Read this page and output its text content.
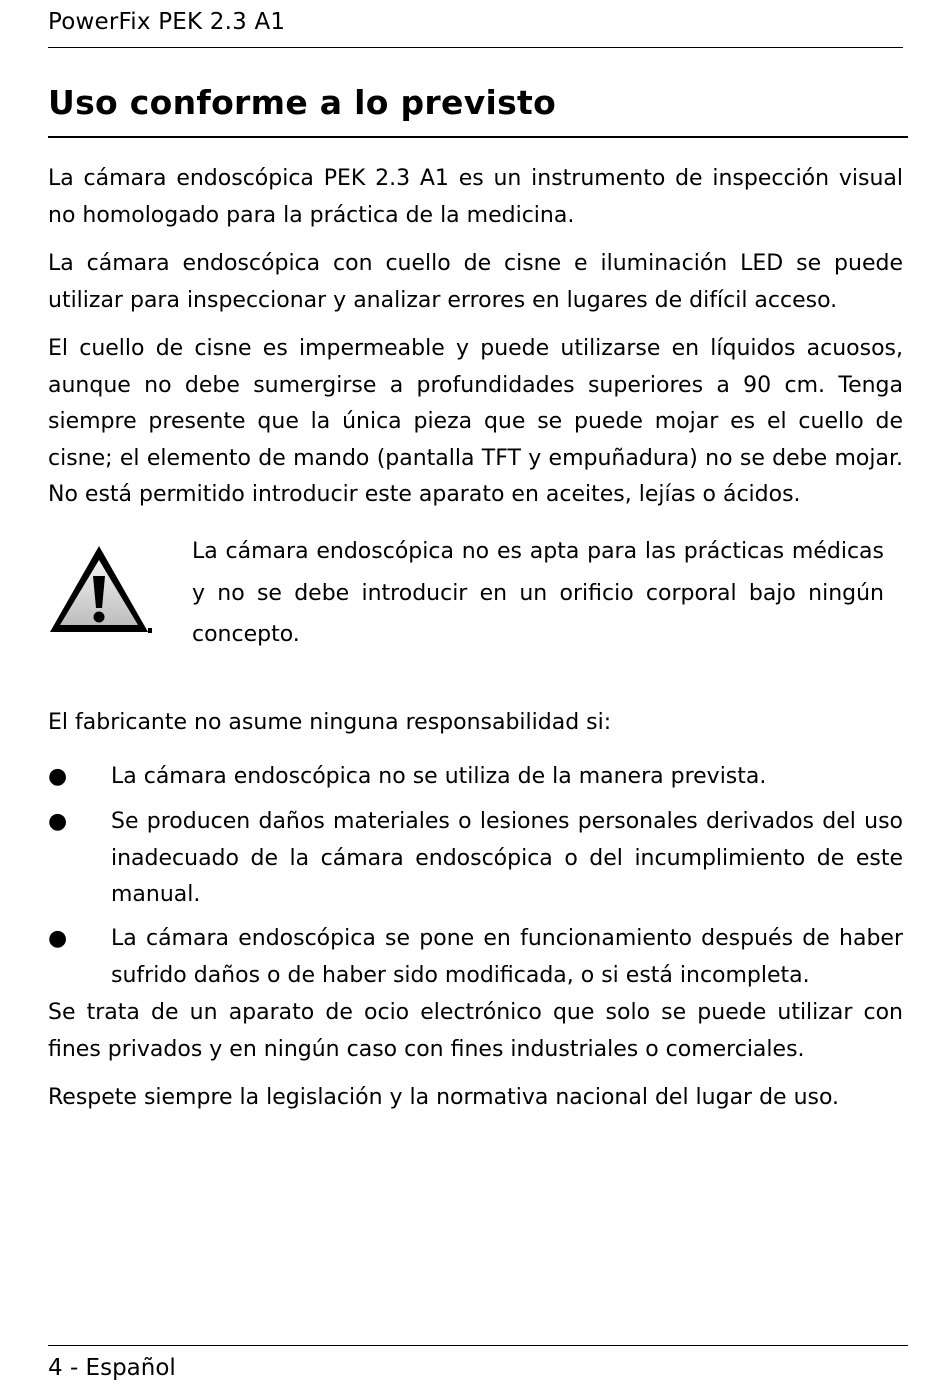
PowerFix PEK 2.3 A1
Uso conforme a lo previsto

La cámara endoscópica PEK 2.3 A1 es un instrumento de inspección visual no homologado para la práctica de la medicina.

La cámara endoscópica con cuello de cisne e iluminación LED se puede utilizar para inspeccionar y analizar errores en lugares de difícil acceso.

El cuello de cisne es impermeable y puede utilizarse en líquidos acuosos, aunque no debe sumergirse a profundidades superiores a 90 cm. Tenga siempre presente que la única pieza que se puede mojar es el cuello de cisne; el elemento de mando (pantalla TFT y empuñadura) no se debe mojar. No está permitido introducir este aparato en aceites, lejías o ácidos.

La cámara endoscópica no es apta para las prácticas médicas y no se debe introducir en un orificio corporal bajo ningún concepto.

El fabricante no asume ninguna responsabilidad si:

● La cámara endoscópica no se utiliza de la manera prevista.

● Se producen daños materiales o lesiones personales derivados del uso inadecuado de la cámara endoscópica o del incumplimiento de este manual.

● La cámara endoscópica se pone en funcionamiento después de haber sufrido daños o de haber sido modificada, o si está incompleta.

Se trata de un aparato de ocio electrónico que solo se puede utilizar con fines privados y en ningún caso con fines industriales o comerciales.

Respete siempre la legislación y la normativa nacional del lugar de uso.

4 - Español
